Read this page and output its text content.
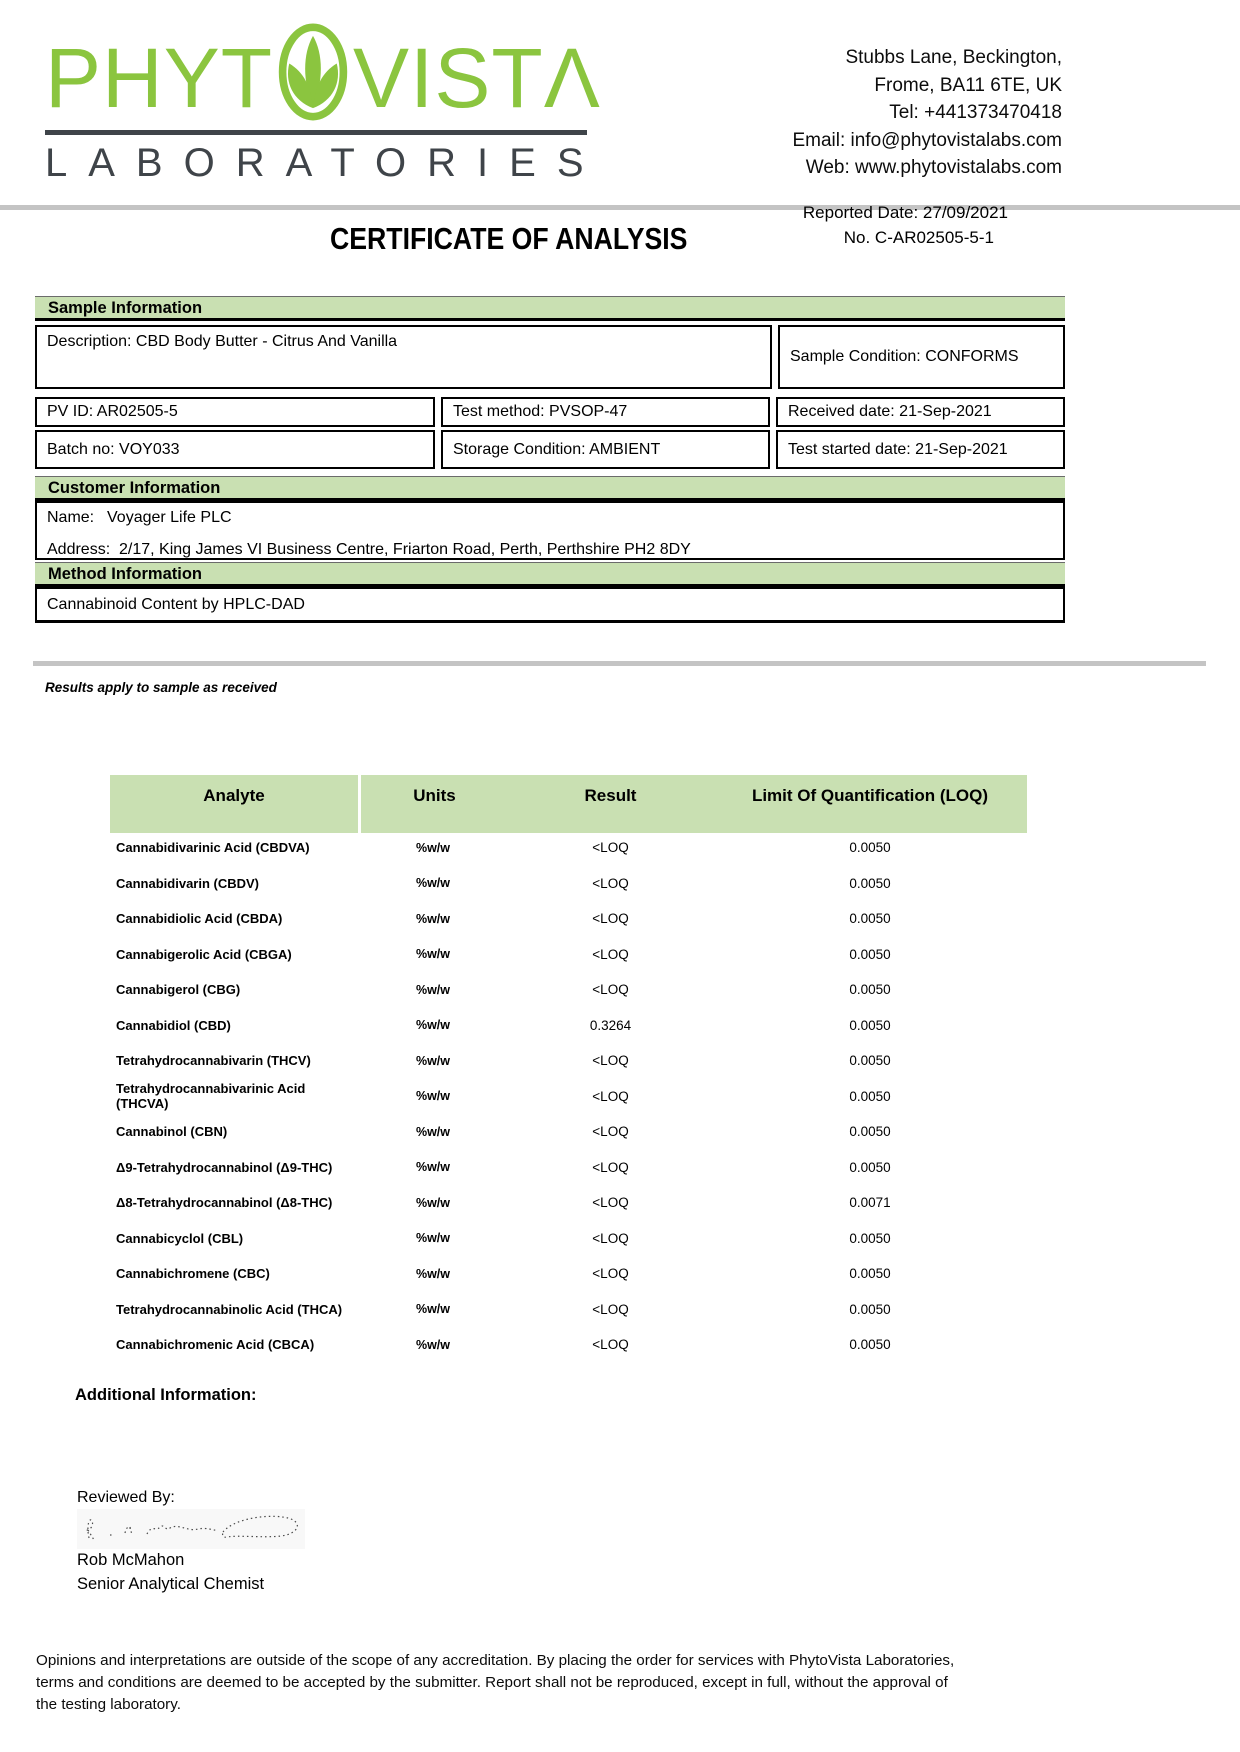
PHYT VISTΛ
LABORATORIES
Stubbs Lane, Beckington,
Frome, BA11 6TE, UK
Tel: +441373470418
Email: info@phytovistalabs.com
Web: www.phytovistalabs.com
CERTIFICATE OF ANALYSIS
Reported Date: 27/09/2021
No. C-AR02505-5-1
Sample Information
Description: CBD Body Butter - Citrus And Vanilla
Sample Condition: CONFORMS
PV ID: AR02505-5	Test method: PVSOP-47	Received date: 21-Sep-2021
Batch no: VOY033	Storage Condition: AMBIENT	Test started date: 21-Sep-2021
Customer Information
Name: Voyager Life PLC
Address: 2/17, King James VI Business Centre, Friarton Road, Perth, Perthshire PH2 8DY
Method Information
Cannabinoid Content by HPLC-DAD
Results apply to sample as received
Analyte	Units	Result	Limit Of Quantification (LOQ)
Cannabidivarinic Acid (CBDVA)	%w/w	<LOQ	0.0050
Cannabidivarin (CBDV)	%w/w	<LOQ	0.0050
Cannabidiolic Acid (CBDA)	%w/w	<LOQ	0.0050
Cannabigerolic Acid (CBGA)	%w/w	<LOQ	0.0050
Cannabigerol (CBG)	%w/w	<LOQ	0.0050
Cannabidiol (CBD)	%w/w	0.3264	0.0050
Tetrahydrocannabivarin (THCV)	%w/w	<LOQ	0.0050
Tetrahydrocannabivarinic Acid (THCVA)	%w/w	<LOQ	0.0050
Cannabinol (CBN)	%w/w	<LOQ	0.0050
Δ9-Tetrahydrocannabinol (Δ9-THC)	%w/w	<LOQ	0.0050
Δ8-Tetrahydrocannabinol (Δ8-THC)	%w/w	<LOQ	0.0071
Cannabicyclol (CBL)	%w/w	<LOQ	0.0050
Cannabichromene (CBC)	%w/w	<LOQ	0.0050
Tetrahydrocannabinolic Acid (THCA)	%w/w	<LOQ	0.0050
Cannabichromenic Acid (CBCA)	%w/w	<LOQ	0.0050
Additional Information:
Reviewed By:
Rob McMahon
Senior Analytical Chemist
Opinions and interpretations are outside of the scope of any accreditation. By placing the order for services with PhytoVista Laboratories,
terms and conditions are deemed to be accepted by the submitter. Report shall not be reproduced, except in full, without the approval of
the testing laboratory.
